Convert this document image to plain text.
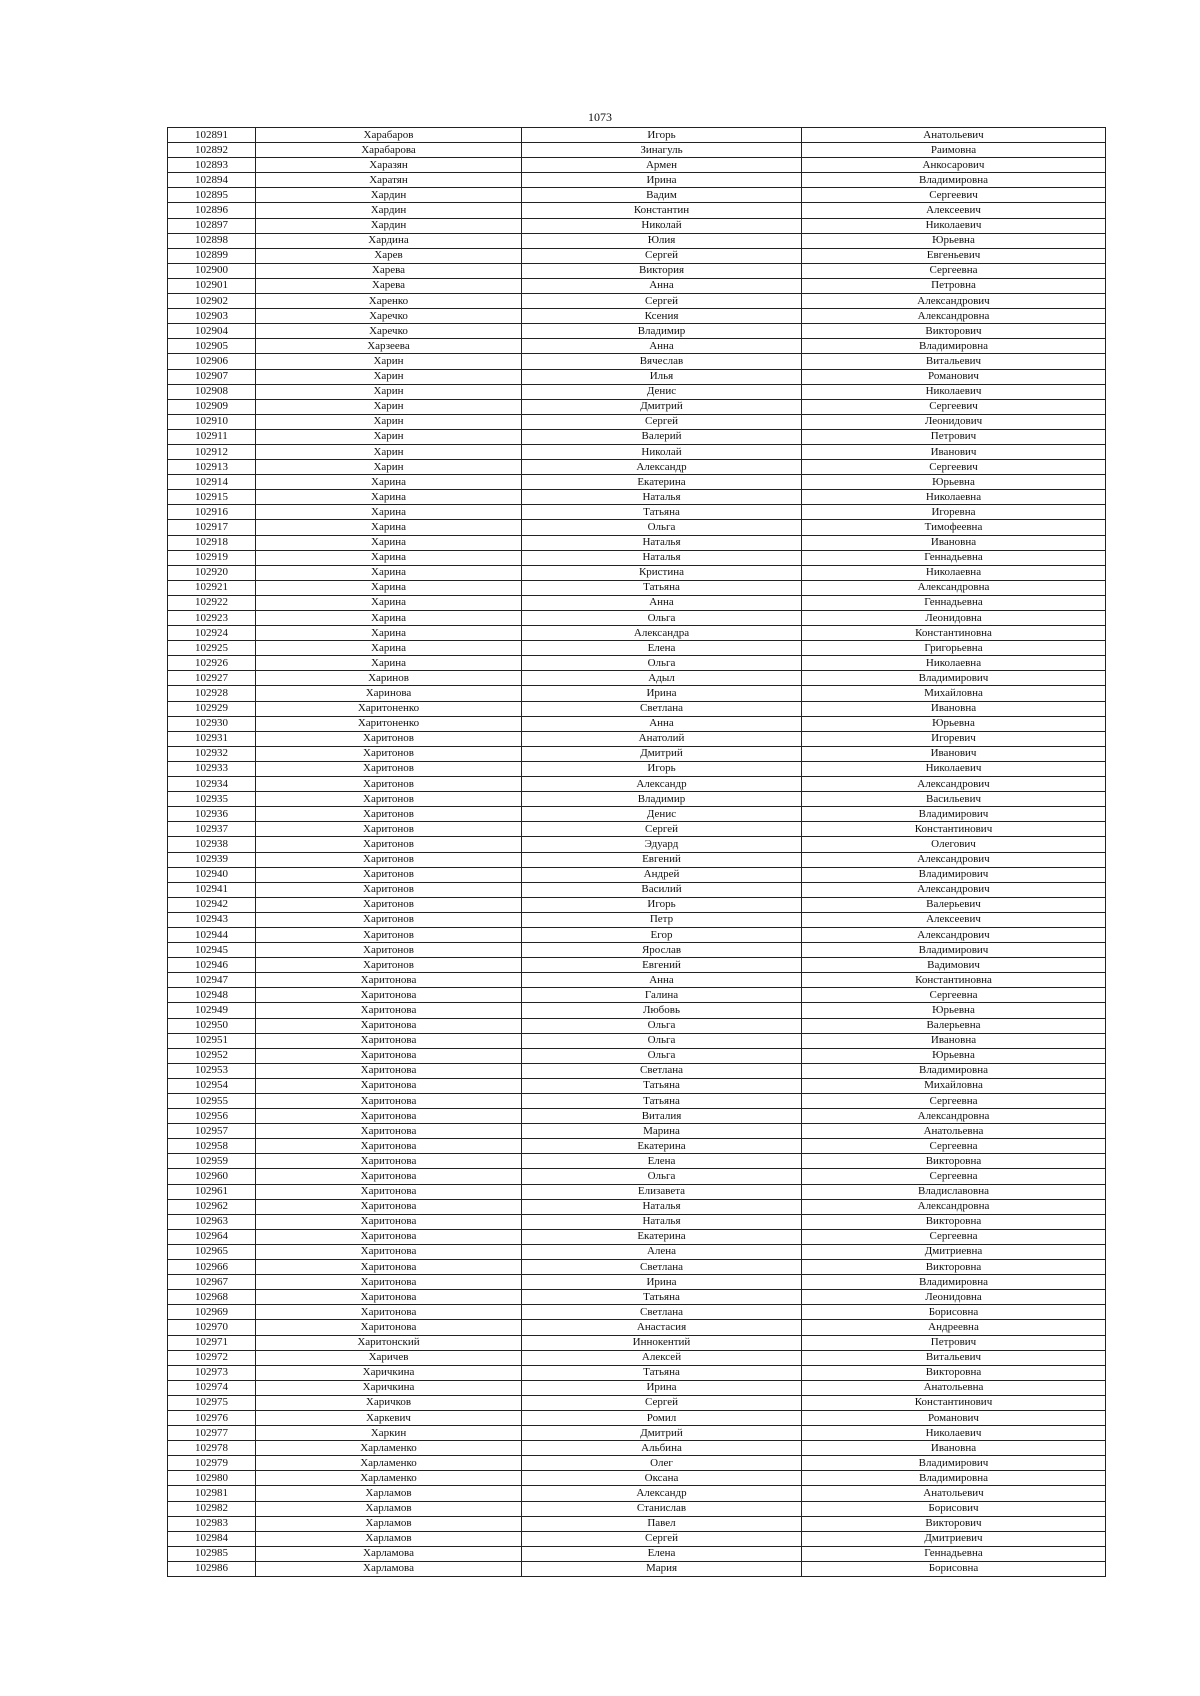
1073
102891	Харабаров	Игорь	Анатольевич
102892	Харабарова	Зинагуль	Раимовна
102893	Харазян	Армен	Анкосарович
102894	Харатян	Ирина	Владимировна
102895	Хардин	Вадим	Сергеевич
102896	Хардин	Константин	Алексеевич
102897	Хардин	Николай	Николаевич
102898	Хардина	Юлия	Юрьевна
102899	Харев	Сергей	Евгеньевич
102900	Харева	Виктория	Сергеевна
102901	Харева	Анна	Петровна
102902	Харенко	Сергей	Александрович
102903	Харечко	Ксения	Александровна
102904	Харечко	Владимир	Викторович
102905	Харзеева	Анна	Владимировна
102906	Харин	Вячеслав	Витальевич
102907	Харин	Илья	Романович
102908	Харин	Денис	Николаевич
102909	Харин	Дмитрий	Сергеевич
102910	Харин	Сергей	Леонидович
102911	Харин	Валерий	Петрович
102912	Харин	Николай	Иванович
102913	Харин	Александр	Сергеевич
102914	Харина	Екатерина	Юрьевна
102915	Харина	Наталья	Николаевна
102916	Харина	Татьяна	Игоревна
102917	Харина	Ольга	Тимофеевна
102918	Харина	Наталья	Ивановна
102919	Харина	Наталья	Геннадьевна
102920	Харина	Кристина	Николаевна
102921	Харина	Татьяна	Александровна
102922	Харина	Анна	Геннадьевна
102923	Харина	Ольга	Леонидовна
102924	Харина	Александра	Константиновна
102925	Харина	Елена	Григорьевна
102926	Харина	Ольга	Николаевна
102927	Харинов	Адыл	Владимирович
102928	Харинова	Ирина	Михайловна
102929	Харитоненко	Светлана	Ивановна
102930	Харитоненко	Анна	Юрьевна
102931	Харитонов	Анатолий	Игоревич
102932	Харитонов	Дмитрий	Иванович
102933	Харитонов	Игорь	Николаевич
102934	Харитонов	Александр	Александрович
102935	Харитонов	Владимир	Васильевич
102936	Харитонов	Денис	Владимирович
102937	Харитонов	Сергей	Константинович
102938	Харитонов	Эдуард	Олегович
102939	Харитонов	Евгений	Александрович
102940	Харитонов	Андрей	Владимирович
102941	Харитонов	Василий	Александрович
102942	Харитонов	Игорь	Валерьевич
102943	Харитонов	Петр	Алексеевич
102944	Харитонов	Егор	Александрович
102945	Харитонов	Ярослав	Владимирович
102946	Харитонов	Евгений	Вадимович
102947	Харитонова	Анна	Константиновна
102948	Харитонова	Галина	Сергеевна
102949	Харитонова	Любовь	Юрьевна
102950	Харитонова	Ольга	Валерьевна
102951	Харитонова	Ольга	Ивановна
102952	Харитонова	Ольга	Юрьевна
102953	Харитонова	Светлана	Владимировна
102954	Харитонова	Татьяна	Михайловна
102955	Харитонова	Татьяна	Сергеевна
102956	Харитонова	Виталия	Александровна
102957	Харитонова	Марина	Анатольевна
102958	Харитонова	Екатерина	Сергеевна
102959	Харитонова	Елена	Викторовна
102960	Харитонова	Ольга	Сергеевна
102961	Харитонова	Елизавета	Владиславовна
102962	Харитонова	Наталья	Александровна
102963	Харитонова	Наталья	Викторовна
102964	Харитонова	Екатерина	Сергеевна
102965	Харитонова	Алена	Дмитриевна
102966	Харитонова	Светлана	Викторовна
102967	Харитонова	Ирина	Владимировна
102968	Харитонова	Татьяна	Леонидовна
102969	Харитонова	Светлана	Борисовна
102970	Харитонова	Анастасия	Андреевна
102971	Харитонский	Иннокентий	Петрович
102972	Харичев	Алексей	Витальевич
102973	Харичкина	Татьяна	Викторовна
102974	Харичкина	Ирина	Анатольевна
102975	Харичков	Сергей	Константинович
102976	Харкевич	Ромил	Романович
102977	Харкин	Дмитрий	Николаевич
102978	Харламенко	Альбина	Ивановна
102979	Харламенко	Олег	Владимирович
102980	Харламенко	Оксана	Владимировна
102981	Харламов	Александр	Анатольевич
102982	Харламов	Станислав	Борисович
102983	Харламов	Павел	Викторович
102984	Харламов	Сергей	Дмитриевич
102985	Харламова	Елена	Геннадьевна
102986	Харламова	Мария	Борисовна
